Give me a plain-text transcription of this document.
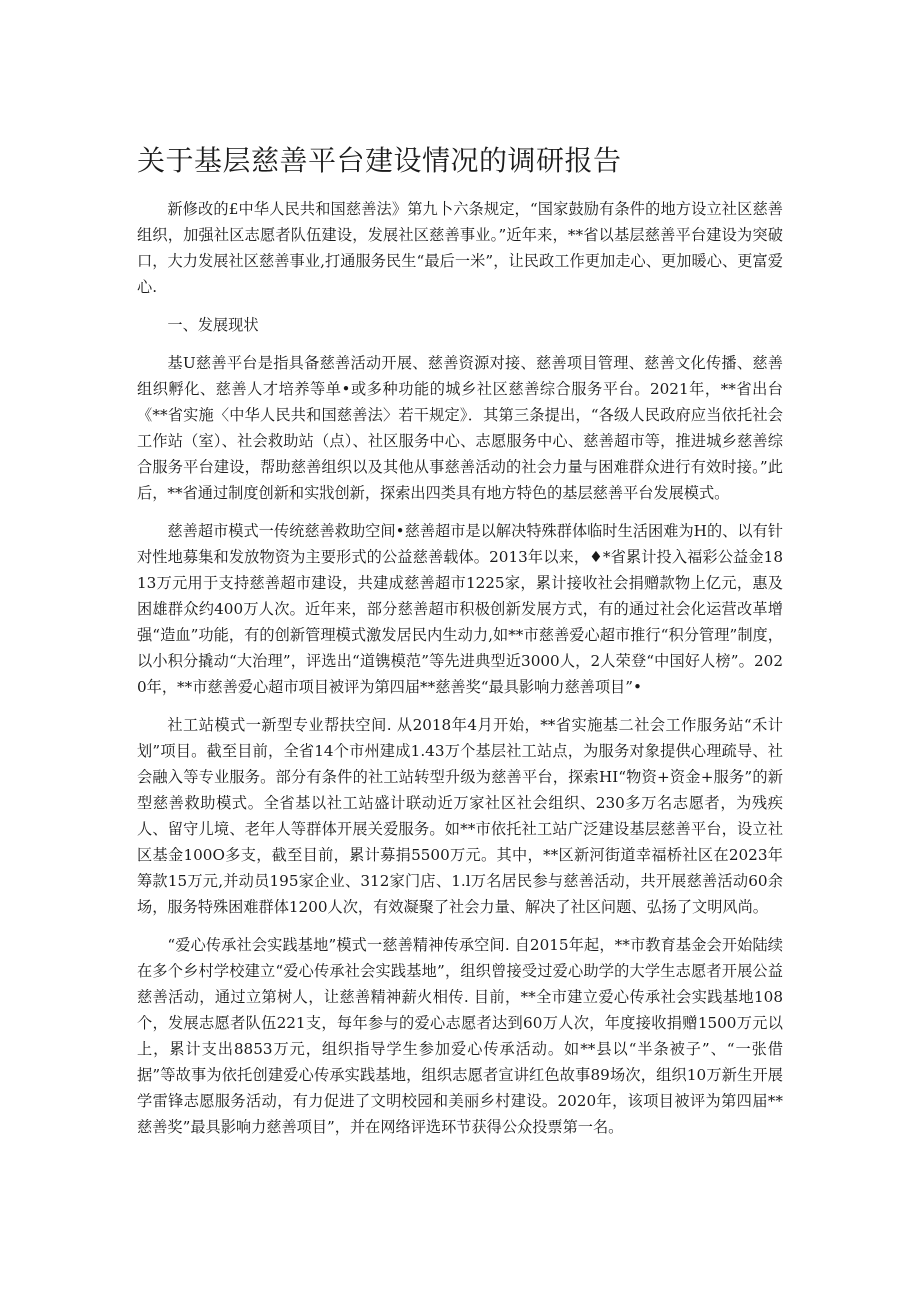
关于基层慈善平台建设情况的调研报告

新修改的£中华人民共和国慈善法》第九卜六条规定，“国家鼓励有条件的地方设立社区慈善组织，加强社区志愿者队伍建设，发展社区慈善事业。”近年来，**省以基层慈善平台建设为突破口，大力发展社区慈善事业,打通服务民生“最后一米”，让民政工作更加走心、更加暖心、更富爱心.

一、发展现状

基U慈善平台是指具备慈善活动开展、慈善资源对接、慈善项目管理、慈善文化传播、慈善组织孵化、慈善人才培养等单•或多种功能的城乡社区慈善综合服务平台。2021年，**省出台《**省实施〈中华人民共和国慈善法〉若干规定》．其第三条提出，“各级人民政府应当依托社会工作站（室）、社会救助站（点）、社区服务中心、志愿服务中心、慈善超市等，推进城乡慈善综合服务平台建设，帮助慈善组织以及其他从事慈善活动的社会力量与困难群众进行有效时接。”此后，**省通过制度创新和实戕创新，探索出四类具有地方特色的基层慈善平台发展模式。

慈善超市模式一传统慈善救助空间•慈善超市是以解决特殊群体临时生活困难为H的、以有针对性地募集和发放物资为主要形式的公益慈善载体。2013年以来，♦*省累计投入福彩公益金1813万元用于支持慈善超市建设，共建成慈善超市1225家，累计接收社会捐赠款物上亿元，惠及困雄群众约400万人次。近年来，部分慈善超市积极创新发展方式，有的通过社会化运营改革增强“造血”功能，有的创新管理模式激发居民内生动力,如**市慈善爱心超市推行“积分管理”制度，以小积分撬动“大治理”，评选出“道镌模范”等先进典型近3000人，2人荣登“中国好人榜”。2020年，**市慈善爱心超市项目被评为第四届**慈善奖“最具影响力慈善项目”•

社工站模式一新型专业帮扶空间. 从2018年4月开始，**省实施基二社会工作服务站“禾计划”项目。截至目前，全省14个市州建成1.43万个基层社工站点，为服务对象提供心理疏导、社会融入等专业服务。部分有条件的社工站转型升级为慈善平台，探索HI“物资+资金+服务”的新型慈善救助模式。全省基以社工站盛计联动近万家社区社会组织、230多万名志愿者，为残疾人、留守儿境、老年人等群体开展关爱服务。如**市依托社工站广泛建设基层慈善平台，设立社区基金100O多支，截至目前，累计募捐5500万元。其中，**区新河街道幸福桥社区在2023年筹款15万元,并动员195家企业、312家门店、1.l万名居民参与慈善活动，共开展慈善活动60余场，服务特殊困难群体1200人次，有效凝聚了社会力量、解决了社区问题、弘扬了文明风尚。

“爱心传承社会实践基地”模式一慈善精神传承空间. 自2015年起，**市教育基金会开始陆续在多个乡村学校建立“爱心传承社会实践基地”，组织曾接受过爱心助学的大学生志愿者开展公益慈善活动，通过立第树人，让慈善精神薪火相传. 目前，**全市建立爱心传承社会实践基地108个，发展志愿者队伍221支，每年参与的爱心志愿者达到60万人次，年度接收捐赠1500万元以上，累计支出8853万元，组织指导学生参加爱心传承活动。如**县以“半条被子”、“一张借据”等故事为依托创建爱心传承实践基地，组织志愿者宣讲红色故事89场次，组织10万新生开展学雷锋志愿服务活动，有力促进了文明校园和美丽乡村建设。2020年，该项目被评为第四届**慈善奖”最具影响力慈善项目”，并在网络评选环节获得公众投票第一名。
